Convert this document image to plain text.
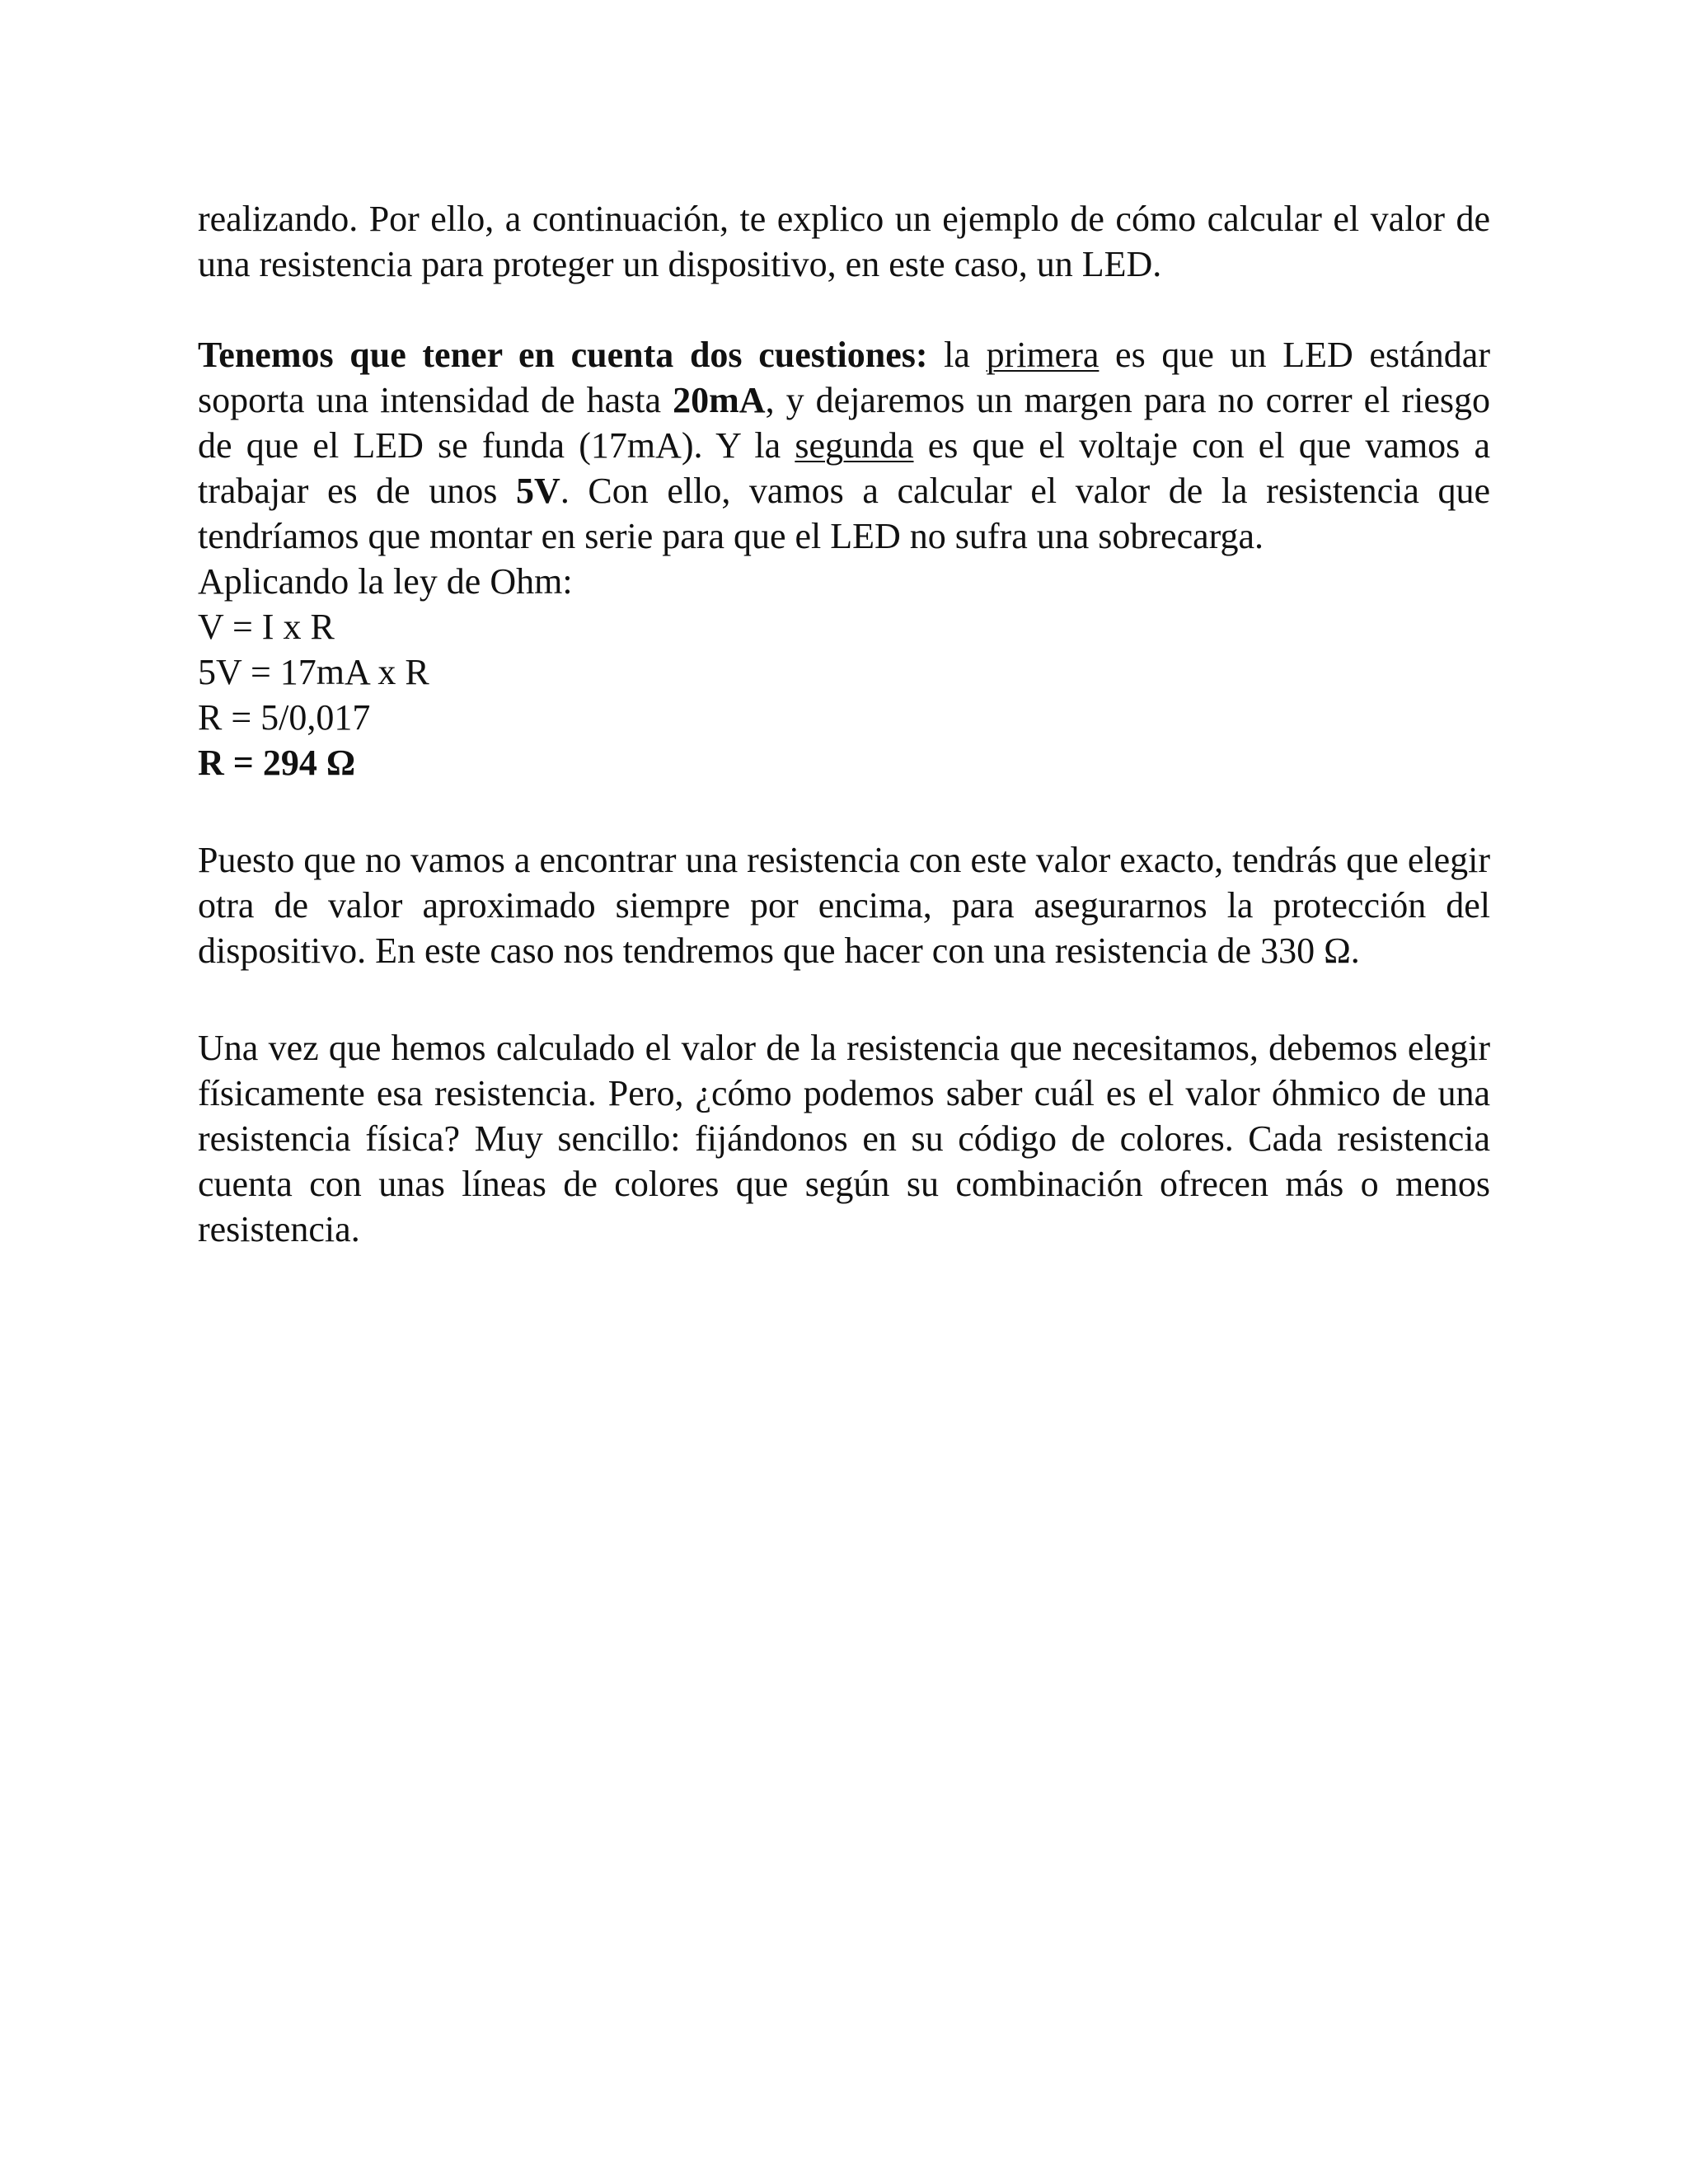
realizando. Por ello, a continuación, te explico un ejemplo de cómo calcular el valor de una resistencia para proteger un dispositivo, en este caso, un LED.

Tenemos que tener en cuenta dos cuestiones: la primera es que un LED estándar soporta una intensidad de hasta 20mA, y dejaremos un margen para no correr el riesgo de que el LED se funda (17mA). Y la segunda es que el voltaje con el que vamos a trabajar es de unos 5V. Con ello, vamos a calcular el valor de la resistencia que tendríamos que montar en serie para que el LED no sufra una sobrecarga.

Aplicando la ley de Ohm:
V = I x R
5V = 17mA x R
R = 5/0,017
R = 294 Ω

Puesto que no vamos a encontrar una resistencia con este valor exacto, tendrás que elegir otra de valor aproximado siempre por encima, para asegurarnos la protección del dispositivo. En este caso nos tendremos que hacer con una resistencia de 330 Ω.

Una vez que hemos calculado el valor de la resistencia que necesitamos, debemos elegir físicamente esa resistencia. Pero, ¿cómo podemos saber cuál es el valor óhmico de una resistencia física? Muy sencillo: fijándonos en su código de colores. Cada resistencia cuenta con unas líneas de colores que según su combinación ofrecen más o menos resistencia.
